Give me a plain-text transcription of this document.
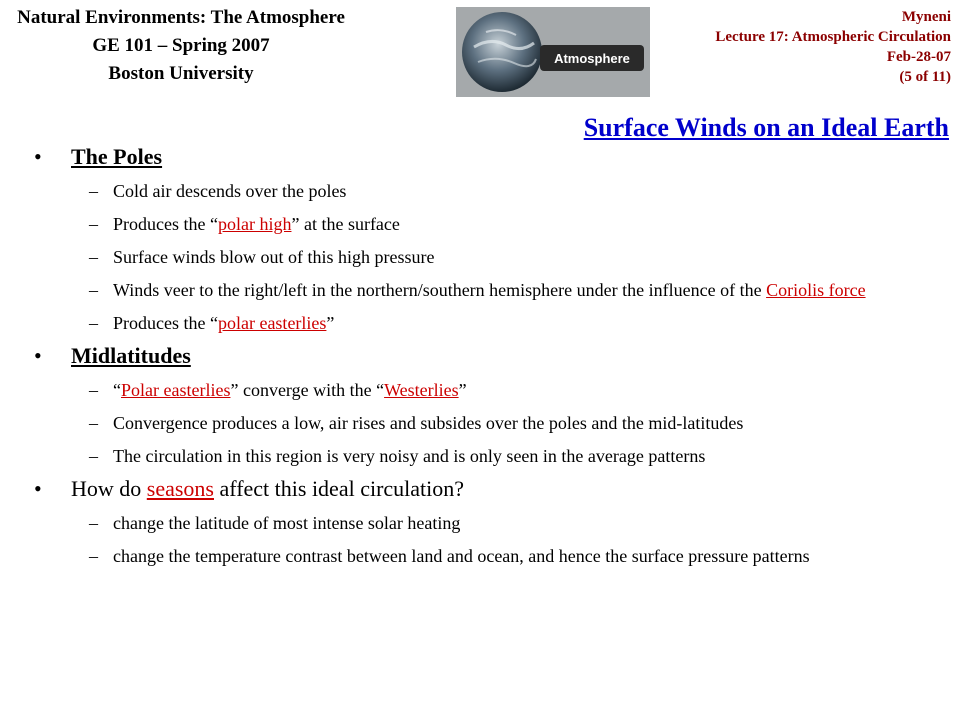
Natural Environments: The Atmosphere
GE 101 – Spring 2007
Boston University
Atmosphere
Myneni
Lecture 17: Atmospheric Circulation
Feb-28-07
(5 of 11)
Surface Winds on an Ideal Earth
• The Poles
– Cold air descends over the poles
– Produces the “polar high” at the surface
– Surface winds blow out of this high pressure
– Winds veer to the right/left in the northern/southern hemisphere under the influence of the Coriolis force
– Produces the “polar easterlies”
• Midlatitudes
– “Polar easterlies” converge with the “Westerlies”
– Convergence produces a low, air rises and subsides over the poles and the mid-latitudes
– The circulation in this region is very noisy and is only seen in the average patterns
• How do seasons affect this ideal circulation?
– change the latitude of most intense solar heating
– change the temperature contrast between land and ocean, and hence the surface pressure patterns
